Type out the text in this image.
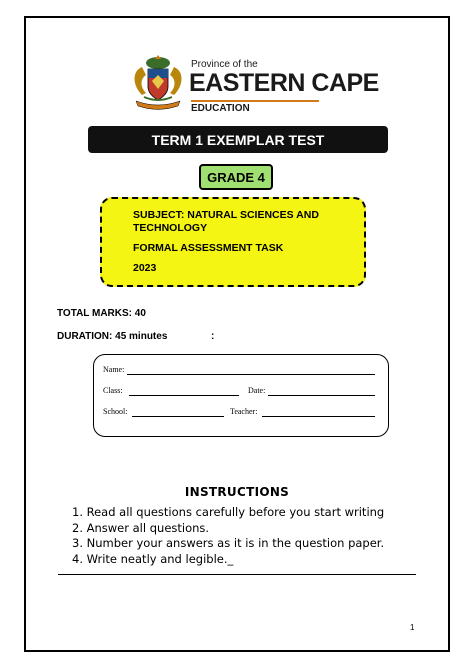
Province of the
EASTERN CAPE
EDUCATION
TERM 1 EXEMPLAR TEST
GRADE 4
SUBJECT: NATURAL SCIENCES AND
TECHNOLOGY
FORMAL ASSESSMENT TASK
2023
TOTAL MARKS: 40
DURATION: 45 minutes	:
Name:
Class:	Date:
School:	Teacher:
INSTRUCTIONS
1. Read all questions carefully before you start writing
2. Answer all questions.
3. Number your answers as it is in the question paper.
4. Write neatly and legible._
1
